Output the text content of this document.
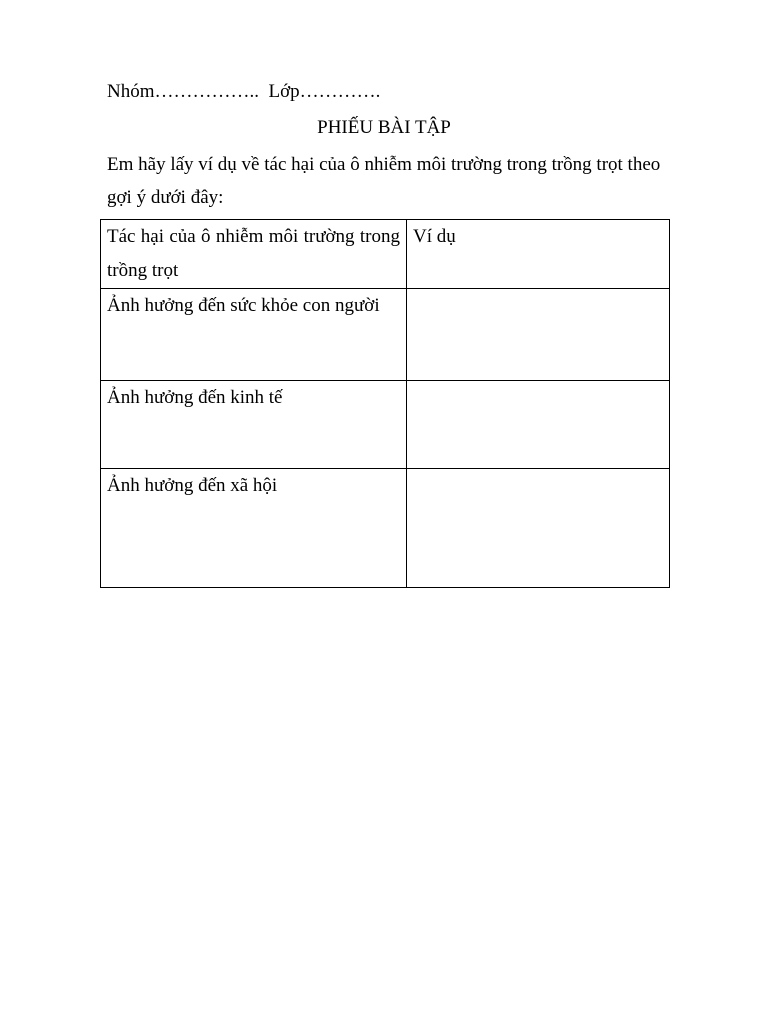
Nhóm…………….. Lớp………….
PHIẾU BÀI TẬP
Em hãy lấy ví dụ về tác hại của ô nhiễm môi trường trong trồng trọt theo gợi ý dưới đây:
Tác hại của ô nhiễm môi trường trong trồng trọt	Ví dụ
Ảnh hưởng đến sức khỏe con người	
Ảnh hưởng đến kinh tế	
Ảnh hưởng đến xã hội	
